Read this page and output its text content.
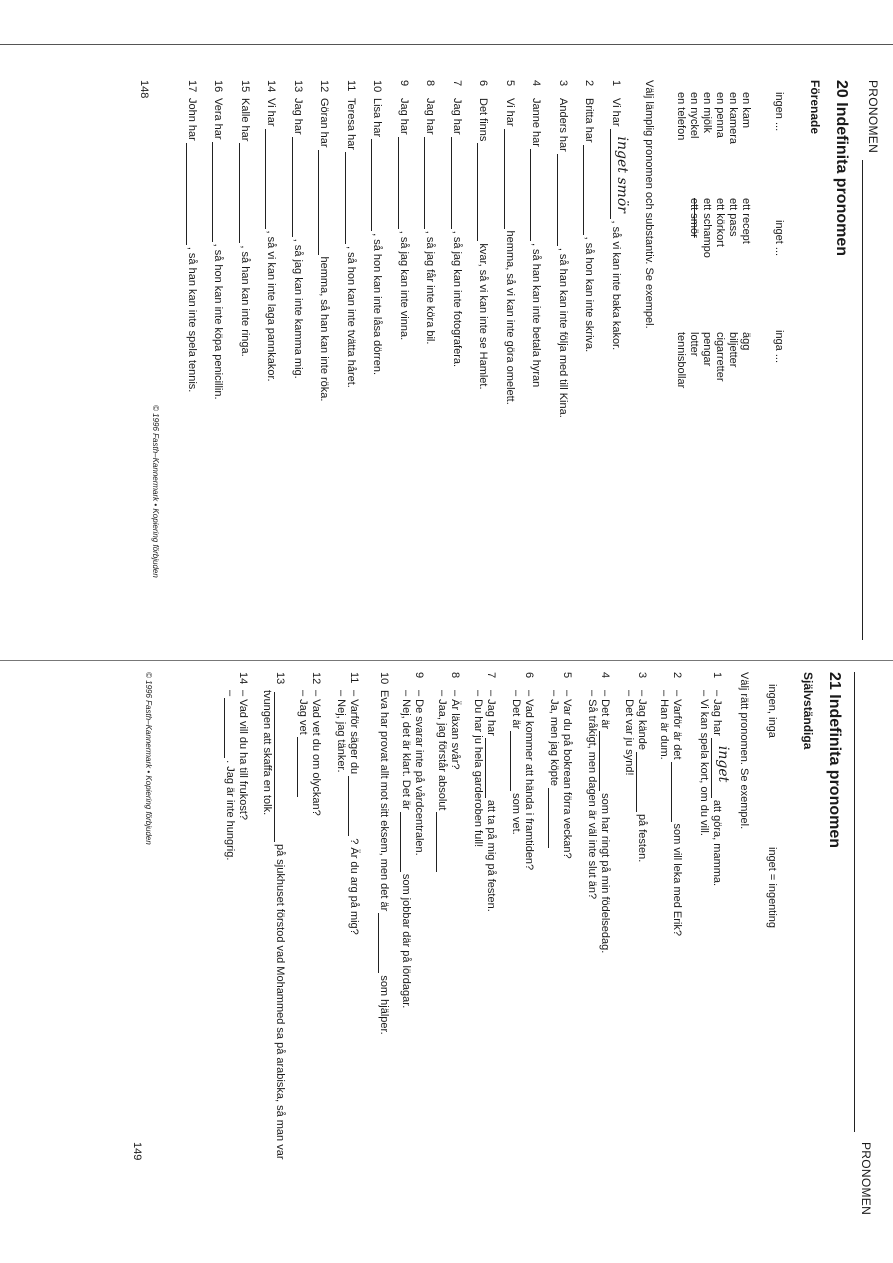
PRONOMEN
20 Indefinita pronomen
Förenade
ingen ...
inget ...
inga ...
en kam
en kamera
en penna
en mjölk
en nyckel
en telefon
ett recept
ett pass
ett körkort
ett schampo
ett smör
ägg
biljetter
cigarretter
pengar
lotter
tennisbollar
Välj lämplig pronomen och substantiv. Se exempel.
1
Vi har
inget smör
, så vi kan inte baka kakor.
2
Britta har
, så hon kan inte skriva.
3
Anders har
, så han kan inte följa med till Kina.
4
Janne har
, så han kan inte betala hyran
5
Vi har
hemma, så vi kan inte göra omelett.
6
Det finns
kvar, så vi kan inte se Hamlet.
7
Jag har
, så jag kan inte fotografera.
8
Jag har
, så jag får inte köra bil.
9
Jag har
, så jag kan inte vinna.
10
Lisa har
, så hon kan inte låsa dörren.
11
Teresa har
, så hon kan inte tvätta håret.
12
Göran har
hemma, så han kan inte röka.
13
Jag har
, så jag kan inte kamma mig.
14
Vi har
, så vi kan inte laga pannkakor.
15
Kalle har
, så han kan inte ringa.
16
Vera har
, så hon kan inte köpa penicillin.
17
John har
, så han kan inte spela tennis.
© 1996 Fasth–Kannermark • Kopiering förbjuden
148
PRONOMEN
21 Indefinita pronomen
Självständiga
ingen, inga
inget = ingenting
Välj rätt pronomen. Se exempel.
1
– Jag har
inget
att göra, mamma.
– Vi kan spela kort, om du vill.
2
– Varför är det
som vill leka med Erik?
– Han är dum.
3
– Jag kände
på festen.
– Det var ju synd!
4
– Det är
som har ringt på min födelsedag.
– Så tråkigt, men dagen är väl inte slut än?
5
– Var du på bokrean förra veckan?
– Ja, men jag köpte
6
– Vad kommer att hända i framtiden?
– Det är
som vet.
7
– Jag har
att ta på mig på festen.
– Du har ju hela garderoben full!
8
– Är läxan svår?
– Jaa, jag förstår absolut
9
– De svarar inte på vårdcentralen.
– Nej, det är klart. Det är
som jobbar där på lördagar.
10
Eva har provat allt mot sitt eksem, men det är
som hjälper.
11
– Varför säger du
? Är du arg på mig?
– Nej, jag tänker.
12
– Vad vet du om olyckan?
– Jag vet
13
på sjukhuset förstod vad Mohammed sa på arabiska, så man var
tvungen att skaffa en tolk.
14
– Vad vill du ha till frukost?
–
. Jag är inte hungrig.
© 1996 Fasth–Kannermark • Kopiering förbjuden
149
